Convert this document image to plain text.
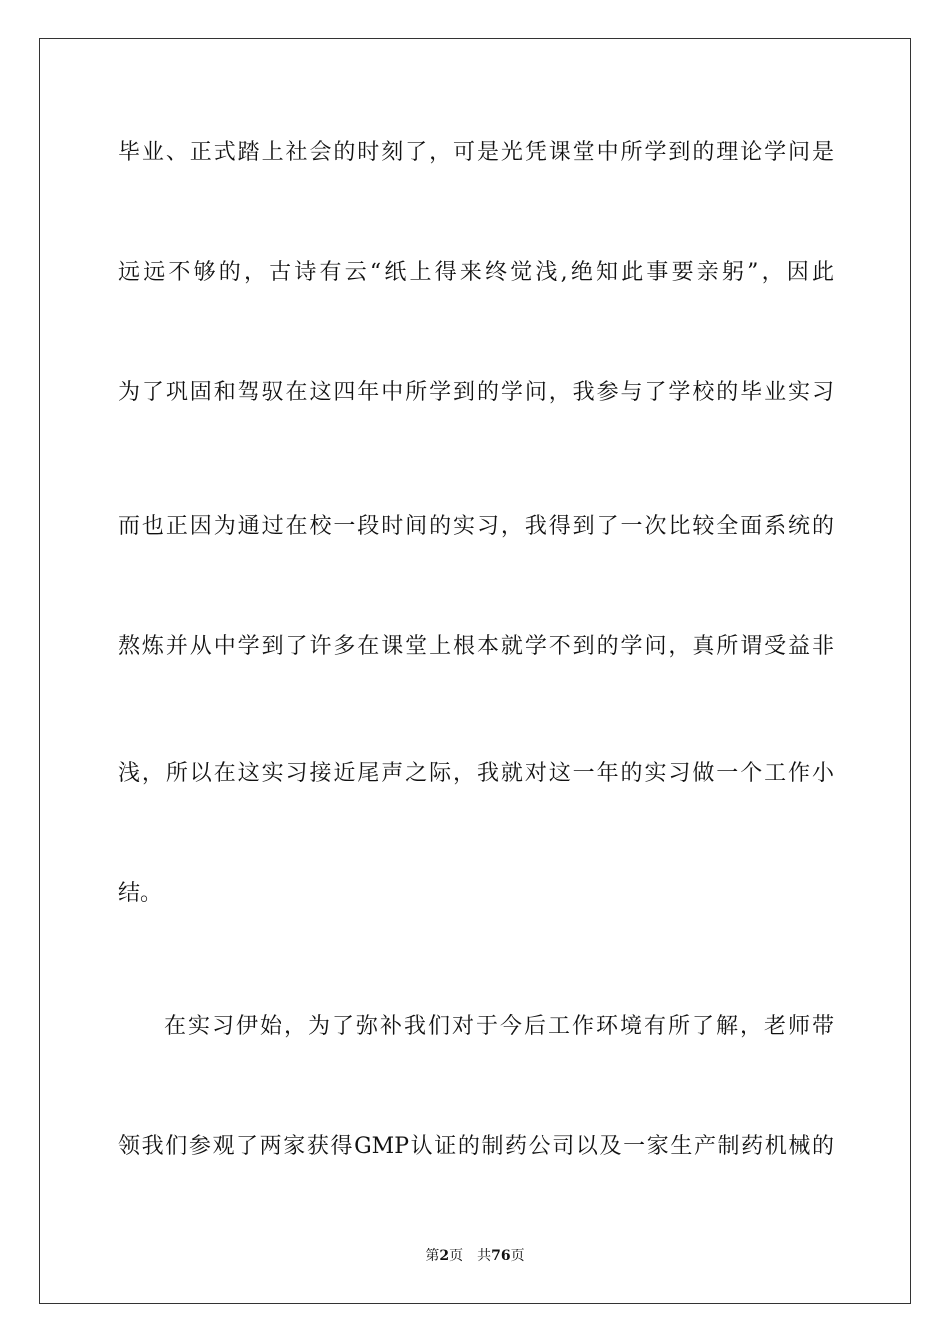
毕业、正式踏上社会的时刻了，可是光凭课堂中所学到的理论学问是
远远不够的，古诗有云“纸上得来终觉浅,绝知此事要亲躬”，因此
为了巩固和驾驭在这四年中所学到的学问，我参与了学校的毕业实习
而也正因为通过在校一段时间的实习，我得到了一次比较全面系统的
熬炼并从中学到了许多在课堂上根本就学不到的学问，真所谓受益非
浅，所以在这实习接近尾声之际，我就对这一年的实习做一个工作小
结。
在实习伊始，为了弥补我们对于今后工作环境有所了解，老师带
领我们参观了两家获得GMP认证的制药公司以及一家生产制药机械的
第2页 共76页
